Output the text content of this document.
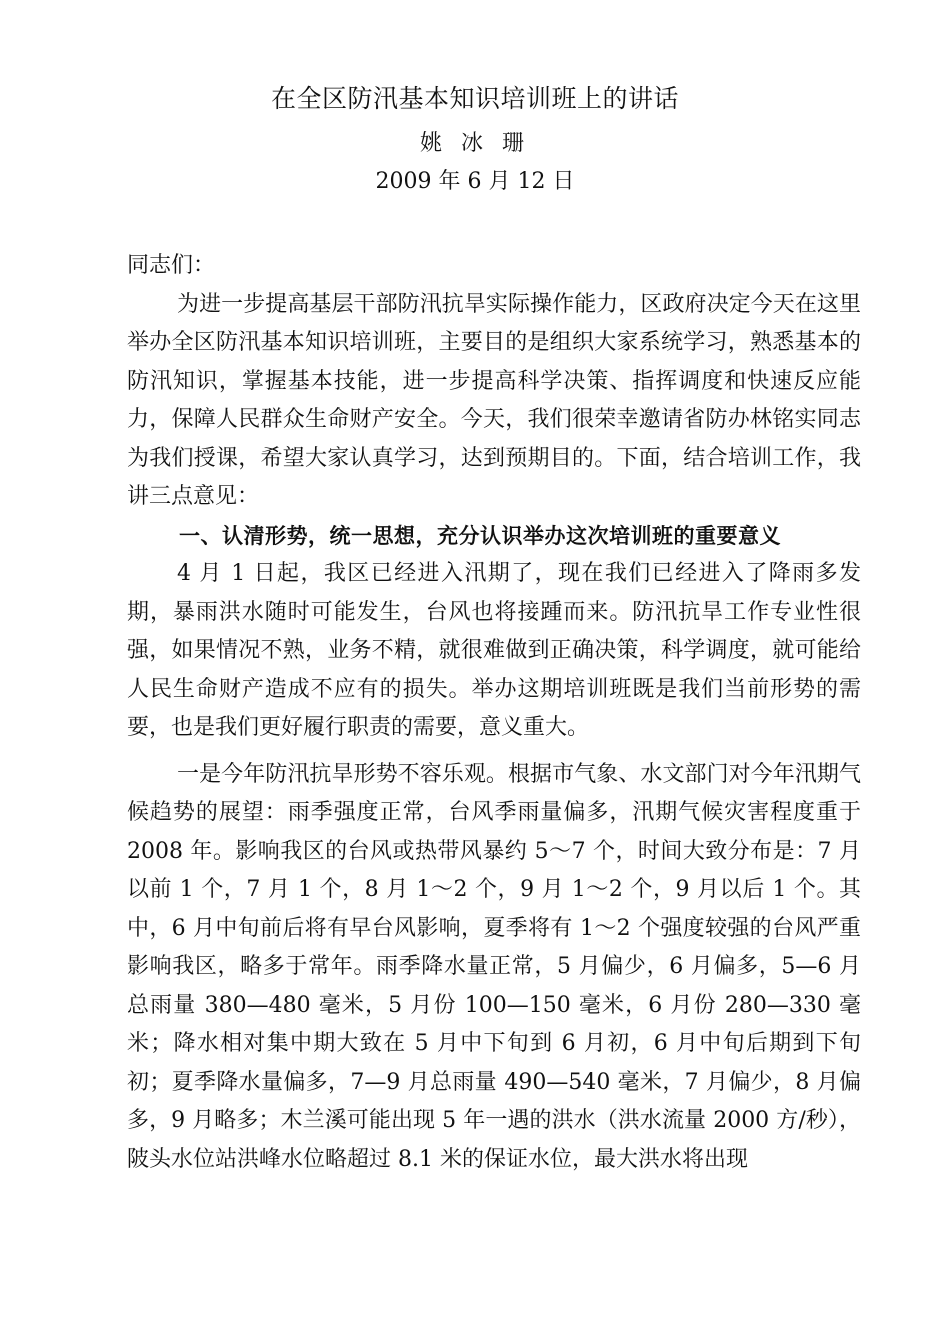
在全区防汛基本知识培训班上的讲话
姚 冰 珊
2009 年 6 月 12 日

同志们：

为进一步提高基层干部防汛抗旱实际操作能力，区政府决定今天在这里举办全区防汛基本知识培训班，主要目的是组织大家系统学习，熟悉基本的防汛知识，掌握基本技能，进一步提高科学决策、指挥调度和快速反应能力，保障人民群众生命财产安全。今天，我们很荣幸邀请省防办林铭实同志为我们授课，希望大家认真学习，达到预期目的。下面，结合培训工作，我讲三点意见：

一、认清形势，统一思想，充分认识举办这次培训班的重要意义

4 月 1 日起，我区已经进入汛期了，现在我们已经进入了降雨多发期，暴雨洪水随时可能发生，台风也将接踵而来。防汛抗旱工作专业性很强，如果情况不熟，业务不精，就很难做到正确决策，科学调度，就可能给人民生命财产造成不应有的损失。举办这期培训班既是我们当前形势的需要，也是我们更好履行职责的需要，意义重大。

一是今年防汛抗旱形势不容乐观。根据市气象、水文部门对今年汛期气候趋势的展望：雨季强度正常，台风季雨量偏多，汛期气候灾害程度重于 2008 年。影响我区的台风或热带风暴约 5～7 个，时间大致分布是：7 月以前 1 个，7 月 1 个，8 月 1～2 个，9 月 1～2 个，9 月以后 1 个。其中，6 月中旬前后将有早台风影响，夏季将有 1～2 个强度较强的台风严重影响我区，略多于常年。雨季降水量正常，5 月偏少，6 月偏多，5—6 月总雨量 380—480 毫米，5 月份 100—150 毫米，6 月份 280—330 毫米；降水相对集中期大致在 5 月中下旬到 6 月初，6 月中旬后期到下旬初；夏季降水量偏多，7—9 月总雨量 490—540 毫米，7 月偏少，8 月偏多，9 月略多；木兰溪可能出现 5 年一遇的洪水（洪水流量 2000 方/秒），陂头水位站洪峰水位略超过 8.1 米的保证水位，最大洪水将出现
